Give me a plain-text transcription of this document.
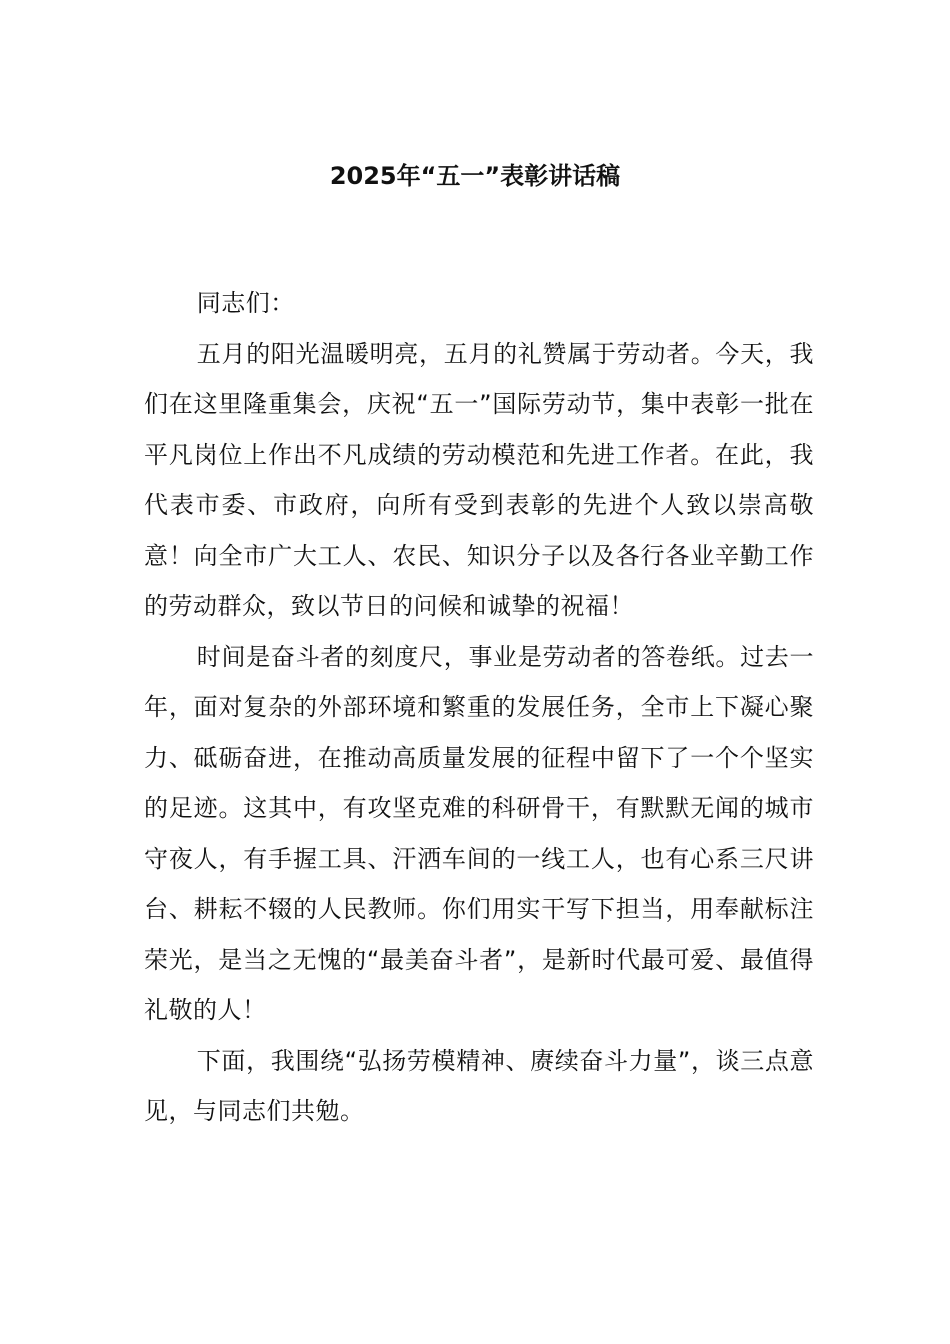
2025年“五一”表彰讲话稿

同志们：

五月的阳光温暖明亮，五月的礼赞属于劳动者。今天，我们在这里隆重集会，庆祝“五一”国际劳动节，集中表彰一批在平凡岗位上作出不凡成绩的劳动模范和先进工作者。在此，我代表市委、市政府，向所有受到表彰的先进个人致以崇高敬意！向全市广大工人、农民、知识分子以及各行各业辛勤工作的劳动群众，致以节日的问候和诚挚的祝福！

时间是奋斗者的刻度尺，事业是劳动者的答卷纸。过去一年，面对复杂的外部环境和繁重的发展任务，全市上下凝心聚力、砥砺奋进，在推动高质量发展的征程中留下了一个个坚实的足迹。这其中，有攻坚克难的科研骨干，有默默无闻的城市守夜人，有手握工具、汗洒车间的一线工人，也有心系三尺讲台、耕耘不辍的人民教师。你们用实干写下担当，用奉献标注荣光，是当之无愧的“最美奋斗者”，是新时代最可爱、最值得礼敬的人！

下面，我围绕“弘扬劳模精神、赓续奋斗力量”，谈三点意见，与同志们共勉。
